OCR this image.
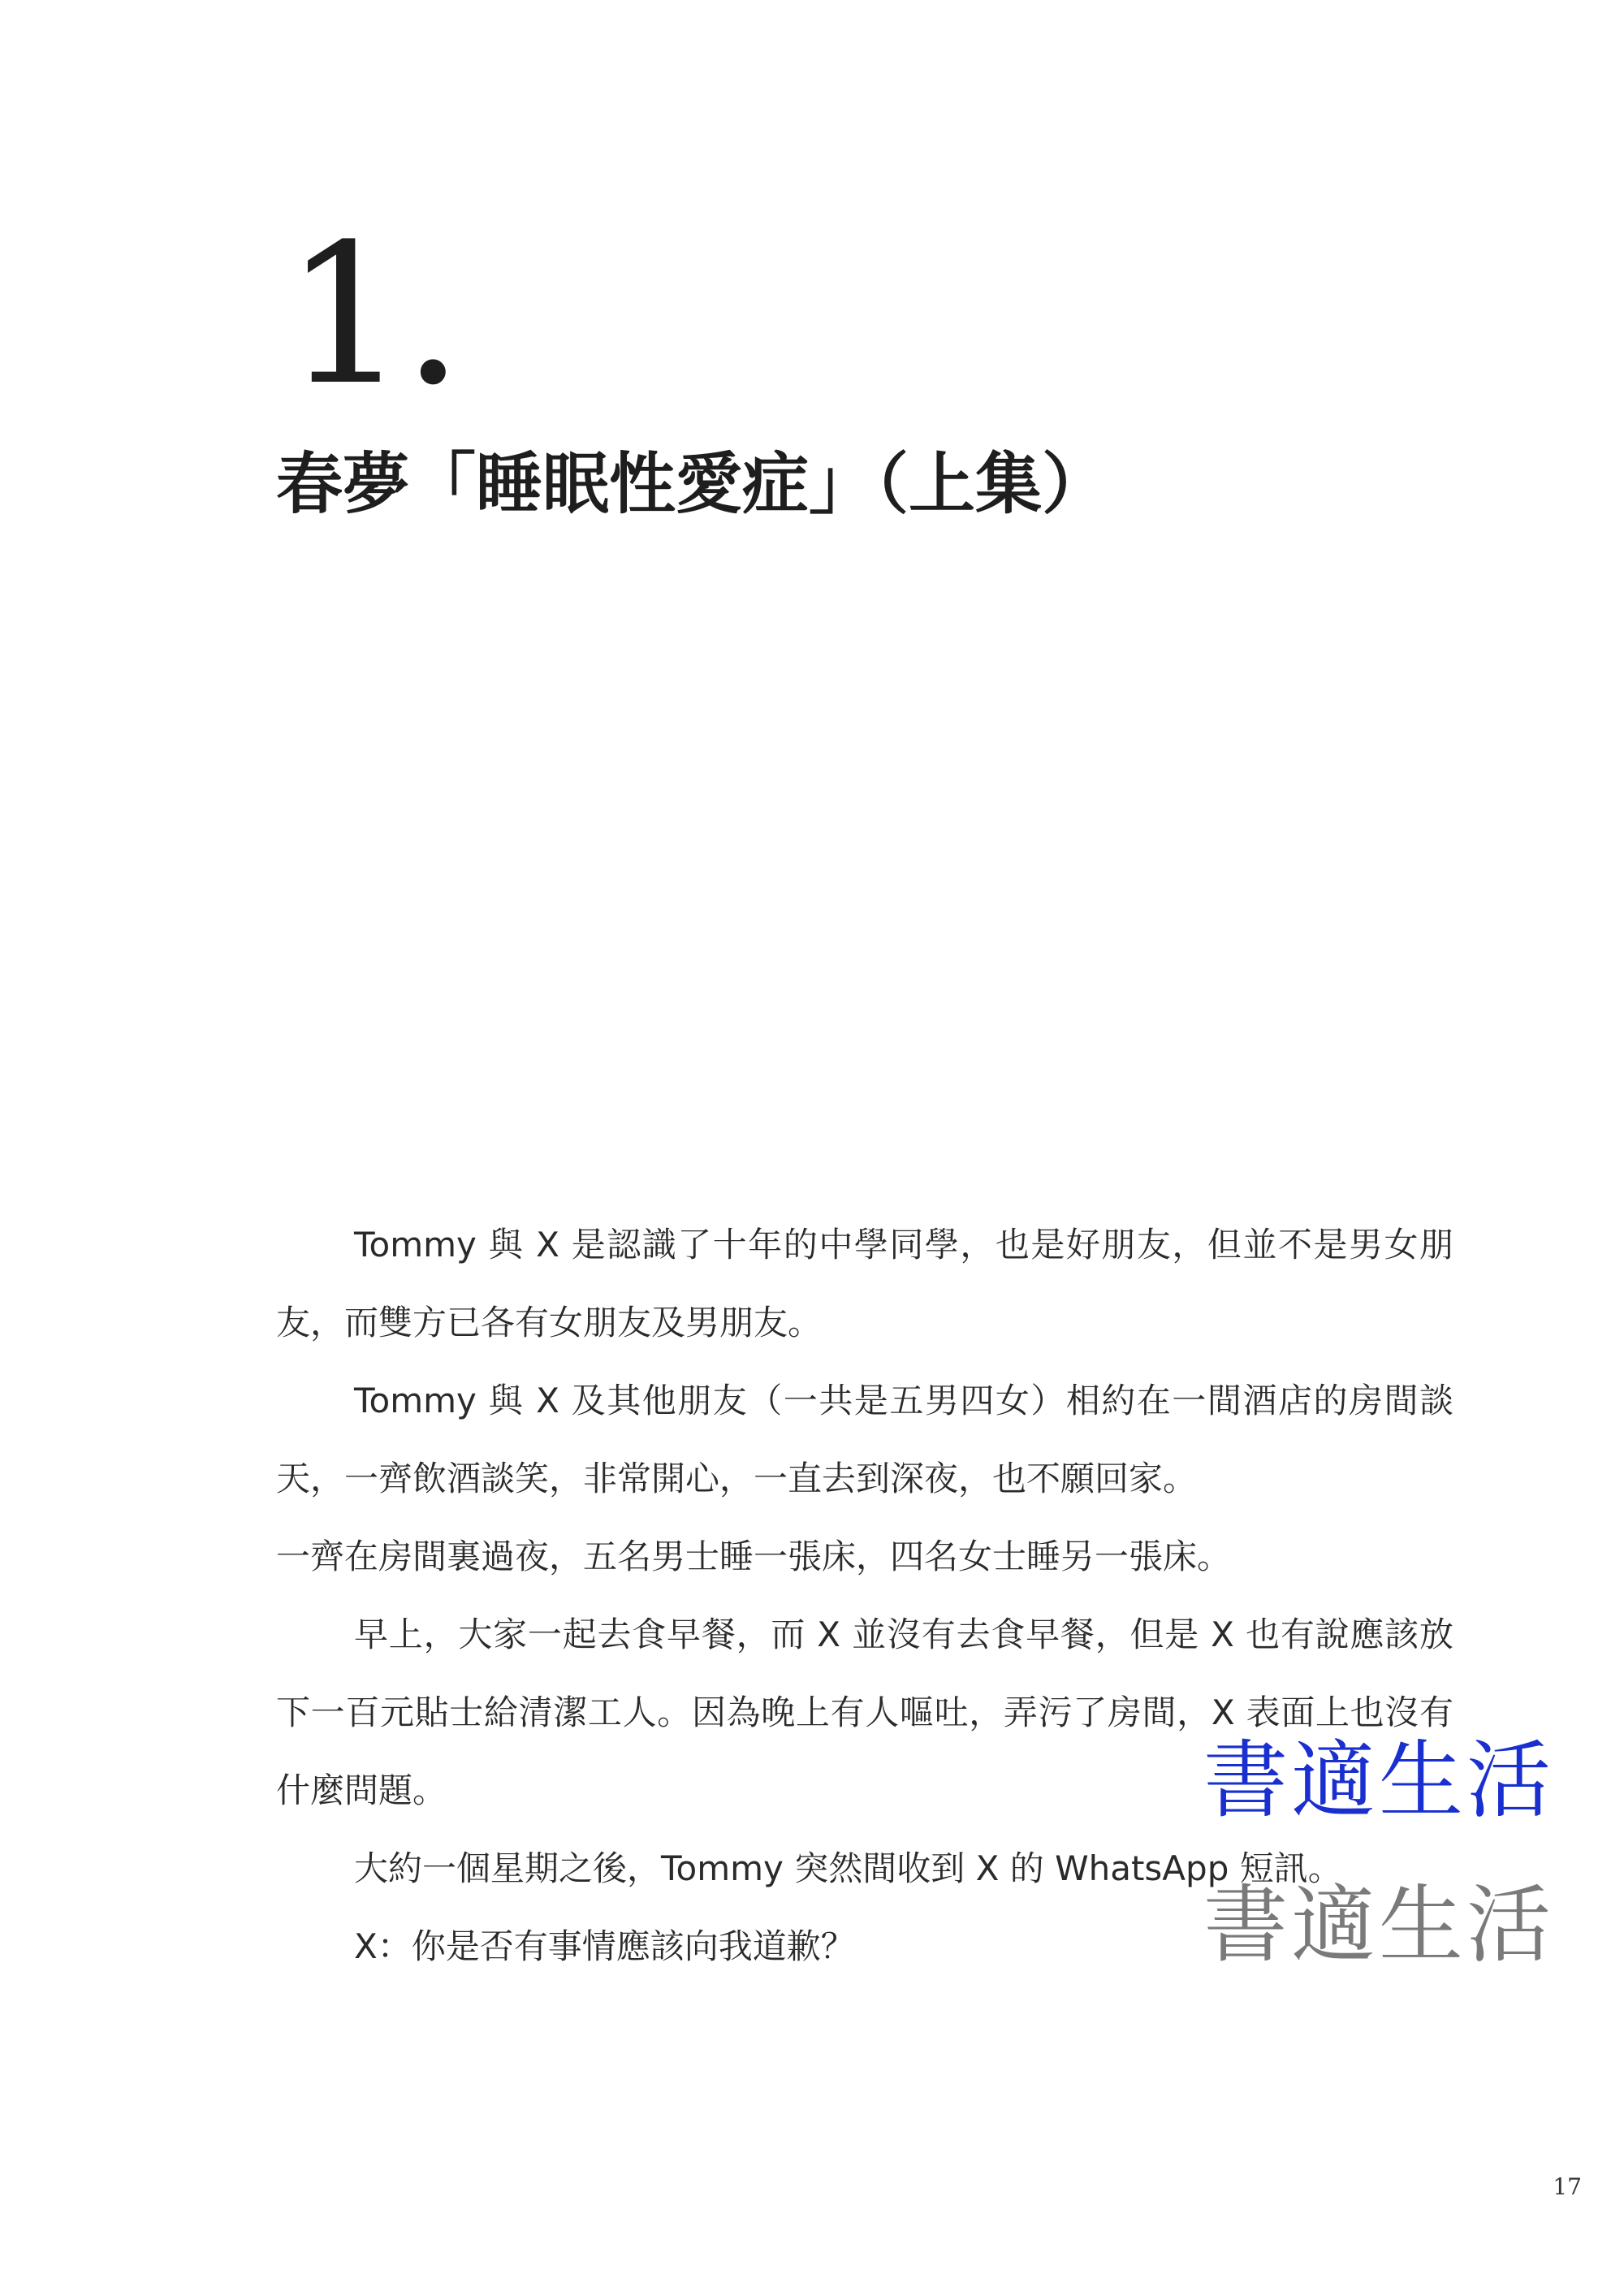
1.
春夢「睡眠性愛症」（上集）

Tommy 與 X 是認識了十年的中學同學，也是好朋友，但並不是男女朋友，而雙方已各有女朋友及男朋友。

Tommy 與 X 及其他朋友（一共是五男四女）相約在一間酒店的房間談天，一齊飲酒談笑，非常開心，一直去到深夜，也不願回家。

一齊在房間裏過夜，五名男士睡一張床，四名女士睡另一張床。

早上，大家一起去食早餐，而 X 並沒有去食早餐，但是 X 也有說應該放下一百元貼士給清潔工人。因為晚上有人嘔吐，弄污了房間，X 表面上也沒有什麼問題。

大約一個星期之後，Tommy 突然間收到 X 的 WhatsApp 短訊。

X：你是否有事情應該向我道歉？

書適生活
書適生活
17
